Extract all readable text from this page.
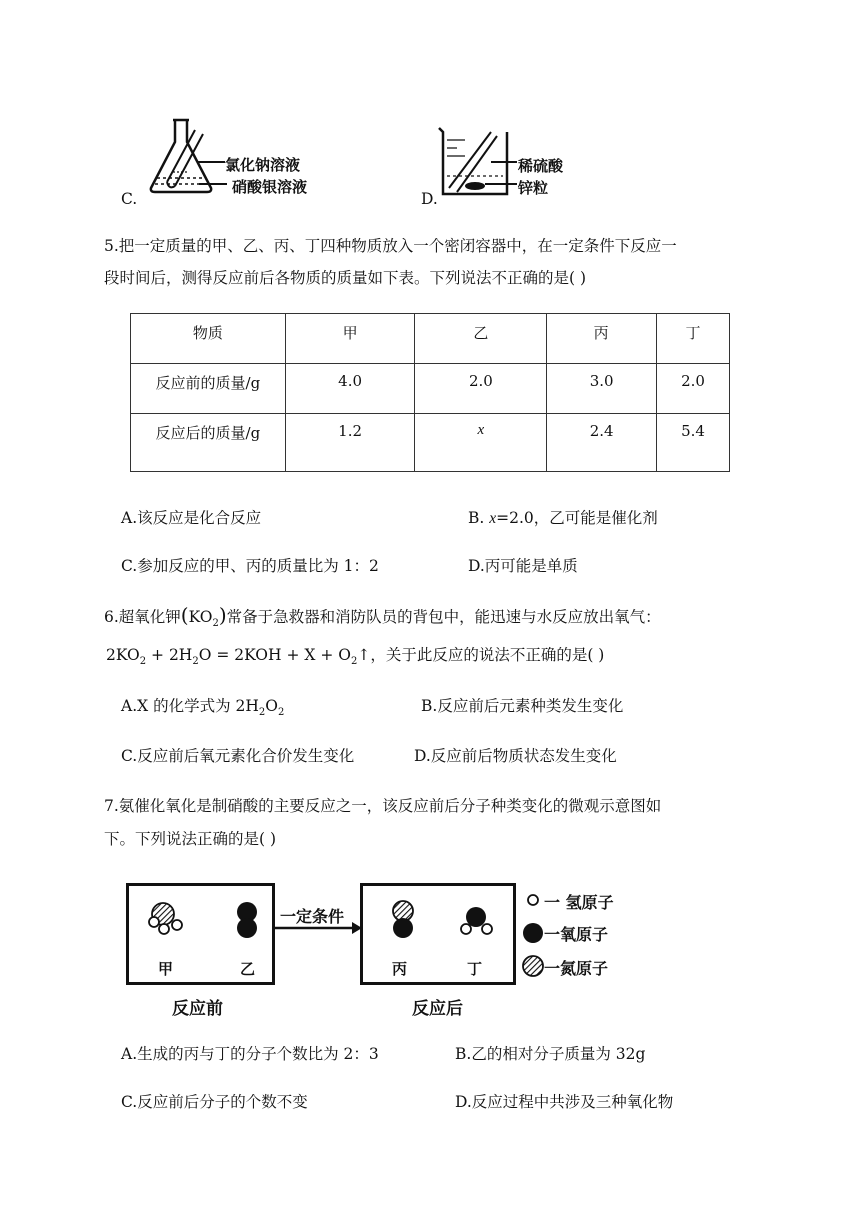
氯化钠溶液
硝酸银溶液
C.
稀硫酸
锌粒
D.
5.把一定质量的甲、乙、丙、丁四种物质放入一个密闭容器中，在一定条件下反应一
段时间后，测得反应前后各物质的质量如下表。下列说法不正确的是( )
物质	甲	乙	丙	丁
反应前的质量/g	4.0	2.0	3.0	2.0
反应后的质量/g	1.2	x	2.4	5.4
A.该反应是化合反应	B. x=2.0，乙可能是催化剂
C.参加反应的甲、丙的质量比为 1：2	D.丙可能是单质
6.超氧化钾$(KO_2)$常备于急救器和消防队员的背包中，能迅速与水反应放出氧气：
$2KO_2 + 2H_2O = 2KOH + X$ + $O_2↑$，关于此反应的说法不正确的是( )
A.X 的化学式为 $2H_2O_2$	B.反应前后元素种类发生变化
C.反应前后氧元素化合价发生变化	D.反应前后物质状态发生变化
7.氨催化氧化是制硝酸的主要反应之一，该反应前后分子种类变化的微观示意图如
下。下列说法正确的是( )
一定条件
甲	乙	丙	丁
反应前	反应后
一 氢原子
一氧原子
一氮原子
A.生成的丙与丁的分子个数比为 2：3	B.乙的相对分子质量为 32g
C.反应前后分子的个数不变	D.反应过程中共涉及三种氧化物
